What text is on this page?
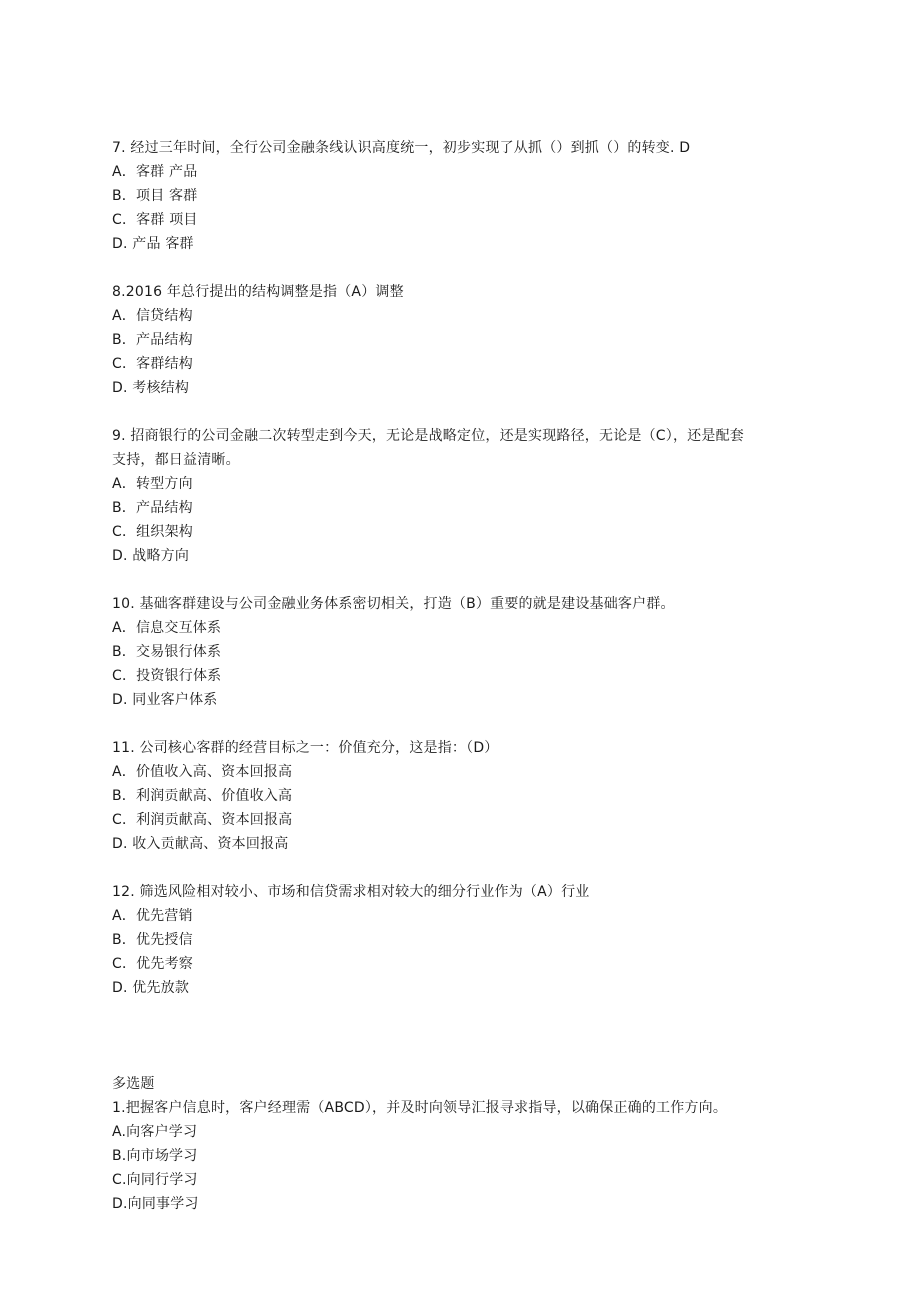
7. 经过三年时间，全行公司金融条线认识高度统一，初步实现了从抓（）到抓（）的转变. D
A．客群 产品
B．项目 客群
C．客群 项目
D. 产品 客群
8.2016 年总行提出的结构调整是指（A）调整
A．信贷结构
B．产品结构
C．客群结构
D. 考核结构
9. 招商银行的公司金融二次转型走到今天，无论是战略定位，还是实现路径，无论是（C），还是配套
支持，都日益清晰。
A．转型方向
B．产品结构
C．组织架构
D. 战略方向
10. 基础客群建设与公司金融业务体系密切相关，打造（B）重要的就是建设基础客户群。
A．信息交互体系
B．交易银行体系
C．投资银行体系
D. 同业客户体系
11. 公司核心客群的经营目标之一：价值充分，这是指：（D）
A．价值收入高、资本回报高
B．利润贡献高、价值收入高
C．利润贡献高、资本回报高
D. 收入贡献高、资本回报高
12. 筛选风险相对较小、市场和信贷需求相对较大的细分行业作为（A）行业
A．优先营销
B．优先授信
C．优先考察
D. 优先放款
多选题
1.把握客户信息时，客户经理需（ABCD），并及时向领导汇报寻求指导，以确保正确的工作方向。
A.向客户学习
B.向市场学习
C.向同行学习
D.向同事学习
